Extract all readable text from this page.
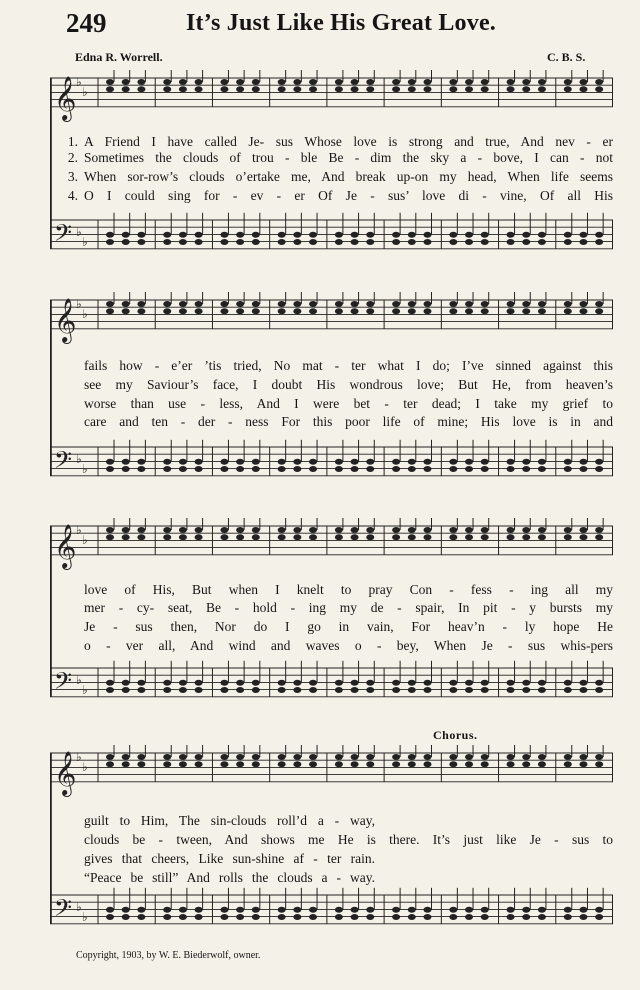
249	It’s Just Like His Great Love.
Edna R. Worrell.	C. B. S.
𝄞 ♭
♭
𝄢 ♭
♭
1. A Friend I have called Je- sus Whose love is strong and true, And nev - er
2. Sometimes the clouds of trou - ble Be - dim the sky a - bove, I can - not
3. When sor-row’s clouds o’ertake me, And break up-on my head, When life seems
4. O I could sing for - ev - er Of Je - sus’ love di - vine, Of all His
𝄞 ♭
♭
𝄢 ♭
♭
fails how - e’er ’tis tried, No mat - ter what I do; I’ve sinned against this
see my Saviour’s face, I doubt His wondrous love; But He, from heaven’s
worse than use - less, And I were bet - ter dead; I take my grief to
care and ten - der - ness For this poor life of mine; His love is in and
𝄞 ♭
♭
𝄢 ♭
♭
love of His, But when I knelt to pray Con - fess - ing all my
mer - cy- seat, Be - hold - ing my de - spair, In pit - y bursts my
Je - sus then, Nor do I go in vain, For heav’n - ly hope He
o - ver all, And wind and waves o - bey, When Je - sus whis-pers
Chorus.
𝄞 ♭
♭
𝄢 ♭
♭
guilt to Him, The sin-clouds roll’d a - way,
clouds be - tween, And shows me He is there. It’s just like Je - sus to
gives that cheers, Like sun-shine af - ter rain.
“Peace be still” And rolls the clouds a - way.
Copyright, 1903, by W. E. Biederwolf, owner.
